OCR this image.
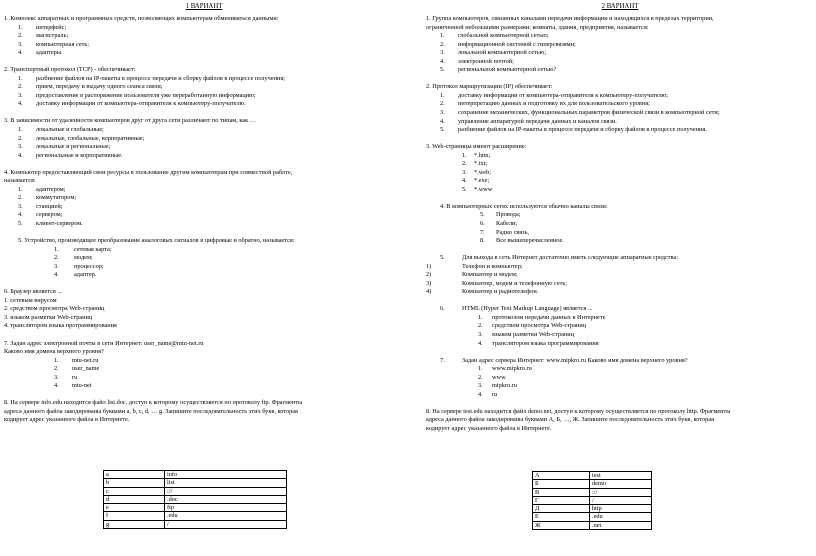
1 ВАРИАНТ

1. Комплекс аппаратных и программных средств, позволяющих компьютерам обмениваться данными:

1.	интерфейс;
2.	магистраль;
3.	компьютерная сеть;
4.	адаптеры.

2. Транспортный протокол (TCP) - обеспечивает:

1.	разбиение файлов на IP-пакеты в процессе передачи и сборку файлов в процессе получения;
2.	прием, передачу и выдачу одного сеанса связи;
3.	предоставление в распоряжение пользователя уже переработанную информацию;
4.	доставку информации от компьютера-отправителя к компьютеру-получателю.

3. В зависимости от удаленности компьютеров друг от друга сети различают по типам, как …

1.	локальные и глобальные;
2.	локальные, глобальные, корпоративные;
3.	локальные и региональные;
4.	региональные и корпоративные.

4. Компьютер предоставляющий свои ресурсы в пользование другим компьютерам при совместной работе,

называется:

1.	адаптером;
2.	коммутатором;
3.	станцией;
4.	сервером;
5.	клиент-сервером.

5. Устройство, производящее преобразование аналоговых сигналов в цифровые и обратно, называется:

1.	сетевая карта;
2.	модем;
3.	процессор;
4.	адаптер.

6. Браузер является ...

1. сетевым вирусом

2. средством просмотра Web-страниц

3. языком разметки Web-страниц

4. транслятором языка программирования

7. Задан адрес электронной почты в сети Интернет: user_name@mtu-net.ru

Каково имя домена верхнего уровня?

1.	mtu-net.ru
2.	user_name
3.	ru
4.	mtu-net

8. На сервере info.edu находится файл list.doc, доступ к которому осуществляется по протоколу ftp. Фрагменты

адреса данного файла закодированы буквами a, b, c, d, … g. Запишите последовательность этих букв, которая

кодирует адрес указанного файла в Интернете.

a	info
b	list
c	://
d	.doc
e	ftp
f	.edu
g	/
2 ВАРИАНТ

1. Группа компьютеров, связанных каналами передачи информации и находящихся в пределах территории,

ограниченной небольшими размерами: комнаты, здания, предприятия, называется:

1.	глобальной компьютерной сетью;
2.	информационной системой с гиперсвязями;
3.	локальной компьютерной сетью;
4.	электронной почтой;
5.	региональной компьютерной сетью?

2. Протокол маршрутизации (IP) обеспечивает:

1.	доставку информации от компьютера-отправителя к компьютеру-получателю;
2.	интерпретацию данных и подготовку их для пользовательского уровня;
3.	сохранение механических, функциональных параметров физической связи в компьютерной сети;
4.	управление аппаратурой передачи данных и каналов связи.
5.	разбиение файлов на IP-пакеты в процессе передачи и сборку файлов в процессе получения.

3. Web-страницы имеют расширение:

1.	*.htm;
2.	*.txt;
3.	*.web;
4.	*.exe;
5.	*.www

4. В компьютерных сетях используются обычно каналы связи:

5.	Провода;
6.	Кабели;
7.	Радио связь,
8.	Все вышеперечисленное.
5.	Для выхода в сеть Интернет достаточно иметь следующие аппаратные средства:
1)	Телефон и компьютер;
2)	Компьютер и модем;
3)	Компьютер, модем и телефонную сеть;
4)	Компьютер и радиотелефон.
6.	HTML (Hyper Text Markup Language) является ...
1.	протоколом передачи данных в Интернете
2.	средством просмотра Web-страниц
3.	языком разметки Web-страниц
4.	транслятором языка программирования
7.	Задан адрес сервера Интернет: www.mipkro.ru Каково имя домена верхнего уровня?
1.	www.mipkro.ru
2.	www
3.	mipkro.ru
4.	ru

8. На сервере test.edu находится файл demo.net, доступ к которому осуществляется по протоколу http. Фрагменты

адреса данного файла закодированы буквами А, Б, …, Ж. Запишите последовательность этих букв, которая

кодирует адрес указанного файла в Интернете.

А	test
Б	demo
В	://
Г	/
Д	http
Е	.edu
Ж	.net
